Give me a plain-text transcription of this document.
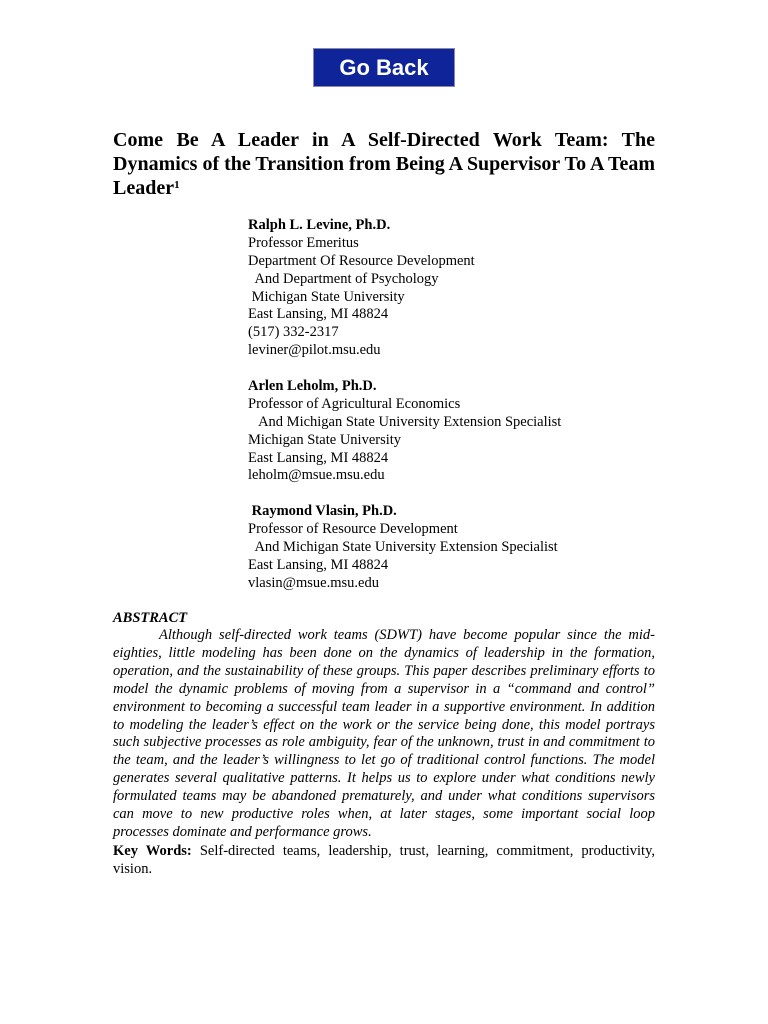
Go Back
Come Be A Leader in A Self-Directed Work Team: The Dynamics of the Transition from Being A Supervisor To A Team Leader$^1$
Ralph L. Levine, Ph.D.
Professor Emeritus
Department Of Resource Development
And Department of Psychology
Michigan State University
East Lansing, MI 48824
(517) 332-2317
leviner@pilot.msu.edu
Arlen Leholm, Ph.D.
Professor of Agricultural Economics
And Michigan State University Extension Specialist
Michigan State University
East Lansing, MI 48824
leholm@msue.msu.edu
Raymond Vlasin, Ph.D.
Professor of Resource Development
And Michigan State University Extension Specialist
East Lansing, MI 48824
vlasin@msue.msu.edu
ABSTRACT

Although self-directed work teams (SDWT) have become popular since the mid-eighties, little modeling has been done on the dynamics of leadership in the formation, operation, and the sustainability of these groups. This paper describes preliminary efforts to model the dynamic problems of moving from a supervisor in a “command and control” environment to becoming a successful team leader in a supportive environment. In addition to modeling the leader’s effect on the work or the service being done, this model portrays such subjective processes as role ambiguity, fear of the unknown, trust in and commitment to the team, and the leader’s willingness to let go of traditional control functions. The model generates several qualitative patterns. It helps us to explore under what conditions newly formulated teams may be abandoned prematurely, and under what conditions supervisors can move to new productive roles when, at later stages, some important social loop processes dominate and performance grows.

Key Words: Self-directed teams, leadership, trust, learning, commitment, productivity, vision.
